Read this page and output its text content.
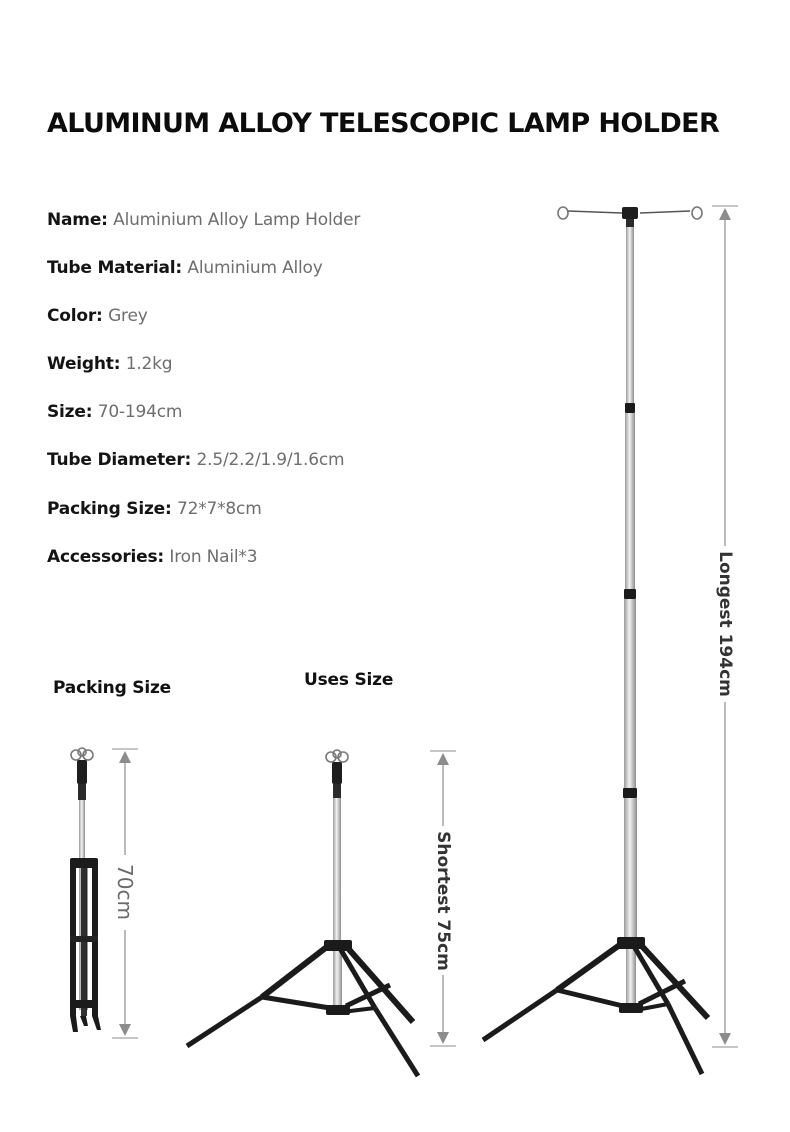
ALUMINUM ALLOY TELESCOPIC LAMP HOLDER
Name: Aluminium Alloy Lamp Holder
Tube Material: Aluminium Alloy
Color: Grey
Weight: 1.2kg
Size: 70-194cm
Tube Diameter: 2.5/2.2/1.9/1.6cm
Packing Size: 72*7*8cm
Accessories: Iron Nail*3
Packing Size	Uses Size
70cm	Shortest 75cm
Longest 194cm
